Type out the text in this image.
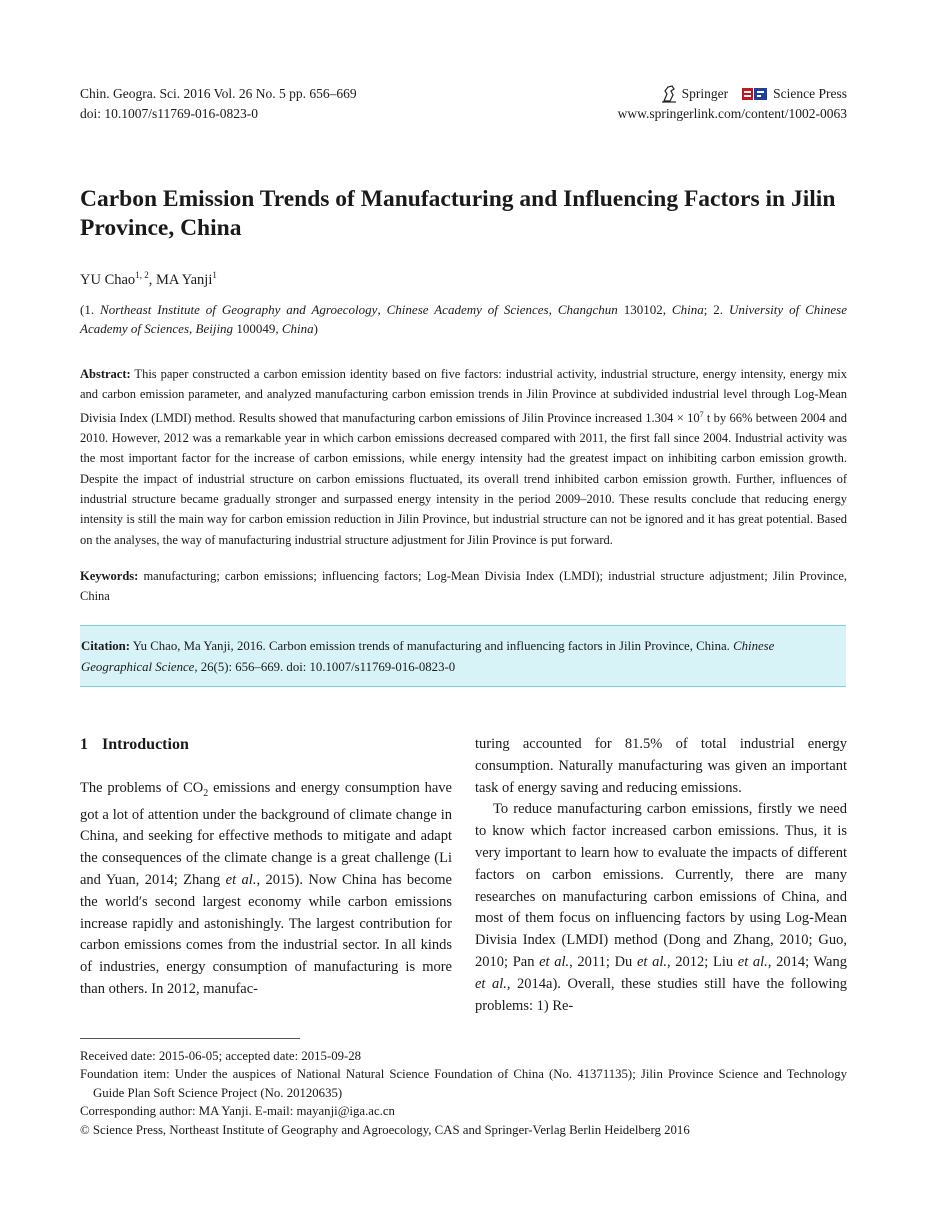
Chin. Geogra. Sci. 2016 Vol. 26 No. 5 pp. 656–669
doi: 10.1007/s11769-016-0823-0
Springer	Science Press
www.springerlink.com/content/1002-0063
Carbon Emission Trends of Manufacturing and Influencing Factors in Jilin Province, China
YU Chao$^{1, 2}$, MA Yanji$^1$
(1. Northeast Institute of Geography and Agroecology, Chinese Academy of Sciences, Changchun 130102, China; 2. University of Chinese Academy of Sciences, Beijing 100049, China)
Abstract: This paper constructed a carbon emission identity based on five factors: industrial activity, industrial structure, energy intensity, energy mix and carbon emission parameter, and analyzed manufacturing carbon emission trends in Jilin Province at subdivided industrial level through Log-Mean Divisia Index (LMDI) method. Results showed that manufacturing carbon emissions of Jilin Province increased $1.304 \times 10^7$ t by 66% between 2004 and 2010. However, 2012 was a remarkable year in which carbon emissions decreased compared with 2011, the first fall since 2004. Industrial activity was the most important factor for the increase of carbon emissions, while energy intensity had the greatest impact on inhibiting carbon emission growth. Despite the impact of industrial structure on carbon emissions fluctuated, its overall trend inhibited carbon emission growth. Further, influences of industrial structure became gradually stronger and surpassed energy intensity in the period 2009–2010. These results conclude that reducing energy intensity is still the main way for carbon emission reduction in Jilin Province, but industrial structure can not be ignored and it has great potential. Based on the analyses, the way of manufacturing industrial structure adjustment for Jilin Province is put forward.
Keywords: manufacturing; carbon emissions; influencing factors; Log-Mean Divisia Index (LMDI); industrial structure adjustment; Jilin Province, China
Citation: Yu Chao, Ma Yanji, 2016. Carbon emission trends of manufacturing and influencing factors in Jilin Province, China. Chinese Geographical Science, 26(5): 656–669. doi: 10.1007/s11769-016-0823-0
1 Introduction

The problems of $CO_2$ emissions and energy consumption have got a lot of attention under the background of climate change in China, and seeking for effective methods to mitigate and adapt the consequences of the climate change is a great challenge (Li and Yuan, 2014; Zhang et al., 2015). Now China has become the world′s second largest economy while carbon emissions increase rapidly and astonishingly. The largest contribution for carbon emissions comes from the industrial sector. In all kinds of industries, energy consumption of manufacturing is more than others. In 2012, manufac-

turing accounted for 81.5% of total industrial energy consumption. Naturally manufacturing was given an important task of energy saving and reducing emissions.

To reduce manufacturing carbon emissions, firstly we need to know which factor increased carbon emissions. Thus, it is very important to learn how to evaluate the impacts of different factors on carbon emissions. Currently, there are many researches on manufacturing carbon emissions of China, and most of them focus on influencing factors by using Log-Mean Divisia Index (LMDI) method (Dong and Zhang, 2010; Guo, 2010; Pan et al., 2011; Du et al., 2012; Liu et al., 2014; Wang et al., 2014a). Overall, these studies still have the following problems: 1) Re-

Received date: 2015-06-05; accepted date: 2015-09-28

Foundation item: Under the auspices of National Natural Science Foundation of China (No. 41371135); Jilin Province Science and Technology Guide Plan Soft Science Project (No. 20120635)

Corresponding author: MA Yanji. E-mail: mayanji@iga.ac.cn

© Science Press, Northeast Institute of Geography and Agroecology, CAS and Springer-Verlag Berlin Heidelberg 2016
